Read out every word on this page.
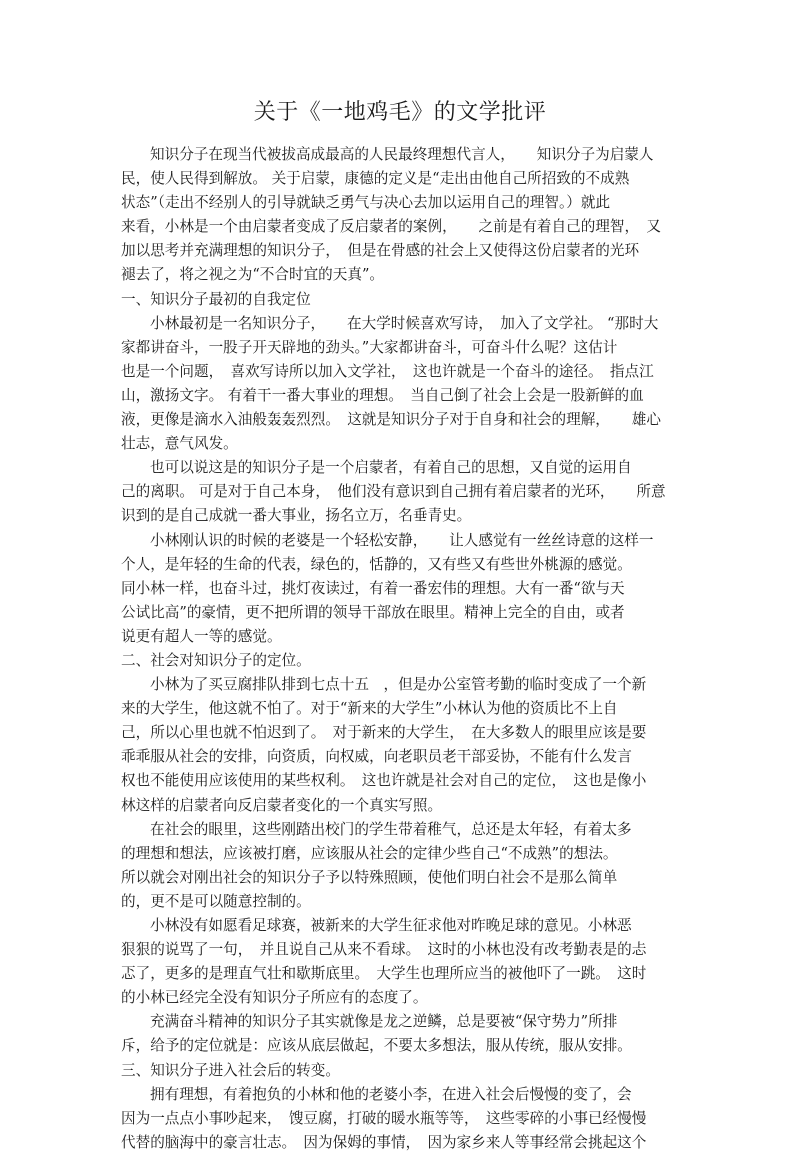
关于《一地鸡毛》的文学批评
知识分子在现当代被拔高成最高的人民最终理想代言人，　　知识分子为启蒙人
民，使人民得到解放。 关于启蒙，康德的定义是“走出由他自己所招致的不成熟
状态”（走出不经别人的引导就缺乏勇气与决心去加以运用自己的理智。）就此
来看，小林是一个由启蒙者变成了反启蒙者的案例，　　之前是有着自己的理智，　又
加以思考并充满理想的知识分子，　但是在骨感的社会上又使得这份启蒙者的光环
褪去了，将之视之为“不合时宜的天真”。
一、知识分子最初的自我定位
小林最初是一名知识分子，　　在大学时候喜欢写诗，　加入了文学社。 “那时大
家都讲奋斗，一股子开天辟地的劲头。”大家都讲奋斗，可奋斗什么呢？这估计
也是一个问题，　喜欢写诗所以加入文学社，　这也许就是一个奋斗的途径。　指点江
山，激扬文字。 有着干一番大事业的理想。　当自己倒了社会上会是一股新鲜的血
液，更像是滴水入油般轰轰烈烈。　这就是知识分子对于自身和社会的理解，　　雄心
壮志，意气风发。
也可以说这是的知识分子是一个启蒙者，有着自己的思想，又自觉的运用自
己的离职。 可是对于自己本身，　他们没有意识到自己拥有着启蒙者的光环，　　所意
识到的是自己成就一番大事业，扬名立万，名垂青史。
小林刚认识的时候的老婆是一个轻松安静，　　让人感觉有一丝丝诗意的这样一
个人，是年轻的生命的代表，绿色的，恬静的，又有些又有些世外桃源的感觉。
同小林一样，也奋斗过，挑灯夜读过，有着一番宏伟的理想。大有一番“欲与天
公试比高”的豪情，更不把所谓的领导干部放在眼里。精神上完全的自由，或者
说更有超人一等的感觉。
二、社会对知识分子的定位。
小林为了买豆腐排队排到七点十五　，但是办公室管考勤的临时变成了一个新
来的大学生，他这就不怕了。对于“新来的大学生”小林认为他的资质比不上自
己，所以心里也就不怕迟到了。　对于新来的大学生，　在大多数人的眼里应该是要
乖乖服从社会的安排，向资质，向权威，向老职员老干部妥协，不能有什么发言
权也不能使用应该使用的某些权利。　这也许就是社会对自己的定位，　这也是像小
林这样的启蒙者向反启蒙者变化的一个真实写照。
在社会的眼里，这些刚踏出校门的学生带着稚气，总还是太年轻，有着太多
的理想和想法，应该被打磨，应该服从社会的定律少些自己“不成熟”的想法。
所以就会对刚出社会的知识分子予以特殊照顾，使他们明白社会不是那么简单
的，更不是可以随意控制的。
小林没有如愿看足球赛，被新来的大学生征求他对昨晚足球的意见。小林恶
狠狠的说骂了一句，　并且说自己从来不看球。　这时的小林也没有改考勤表是的忐
忑了，更多的是理直气壮和歇斯底里。　大学生也理所应当的被他吓了一跳。　这时
的小林已经完全没有知识分子所应有的态度了。
充满奋斗精神的知识分子其实就像是龙之逆鳞，总是要被“保守势力”所排
斥，给予的定位就是：应该从底层做起，不要太多想法，服从传统，服从安排。
三、知识分子进入社会后的转变。
拥有理想，有着抱负的小林和他的老婆小李，在进入社会后慢慢的变了，会
因为一点点小事吵起来，　馊豆腐，打破的暖水瓶等等，　这些零碎的小事已经慢慢
代替的脑海中的豪言壮志。　因为保姆的事情，　因为家乡来人等事经常会挑起这个
